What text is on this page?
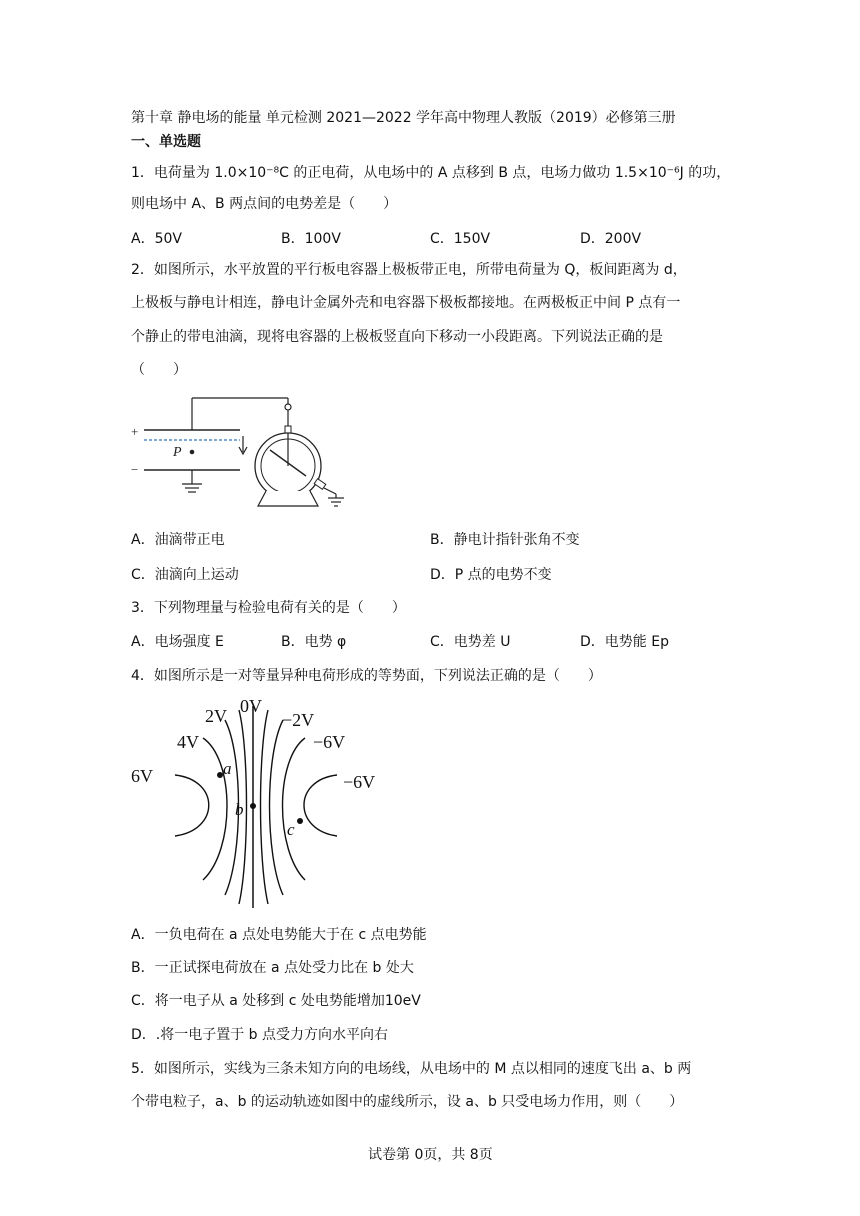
第十章 静电场的能量 单元检测 2021—2022 学年高中物理人教版（2019）必修第三册
一、单选题
1．电荷量为 1.0×10⁻⁸C 的正电荷，从电场中的 A 点移到 B 点，电场力做功 1.5×10⁻⁶J 的功，
则电场中 A、B 两点间的电势差是（　　）
A．50V	B．100V	C．150V	D．200V
2．如图所示，水平放置的平行板电容器上极板带正电，所带电荷量为 Q，板间距离为 d，
上极板与静电计相连，静电计金属外壳和电容器下极板都接地。在两极板正中间 P 点有一
个静止的带电油滴，现将电容器的上极板竖直向下移动一小段距离。下列说法正确的是
（　　）
+
−
P
A．油滴带正电	B．静电计指针张角不变
C．油滴向上运动	D．P 点的电势不变
3．下列物理量与检验电荷有关的是（　　）
A．电场强度 E	B．电势 φ	C．电势差 U	D．电势能 Ep
4．如图所示是一对等量异种电荷形成的等势面，下列说法正确的是（　　）
6V
4V
2V 0V
−2V
−6V
−6V
a
b
c
A．一负电荷在 a 点处电势能大于在 c 点电势能
B．一正试探电荷放在 a 点处受力比在 b 处大
C．将一电子从 a 处移到 c 处电势能增加10eV
D．.将一电子置于 b 点受力方向水平向右
5．如图所示，实线为三条未知方向的电场线，从电场中的 M 点以相同的速度飞出 a、b 两
个带电粒子，a、b 的运动轨迹如图中的虚线所示，设 a、b 只受电场力作用，则（　　）
试卷第 0页，共 8页
